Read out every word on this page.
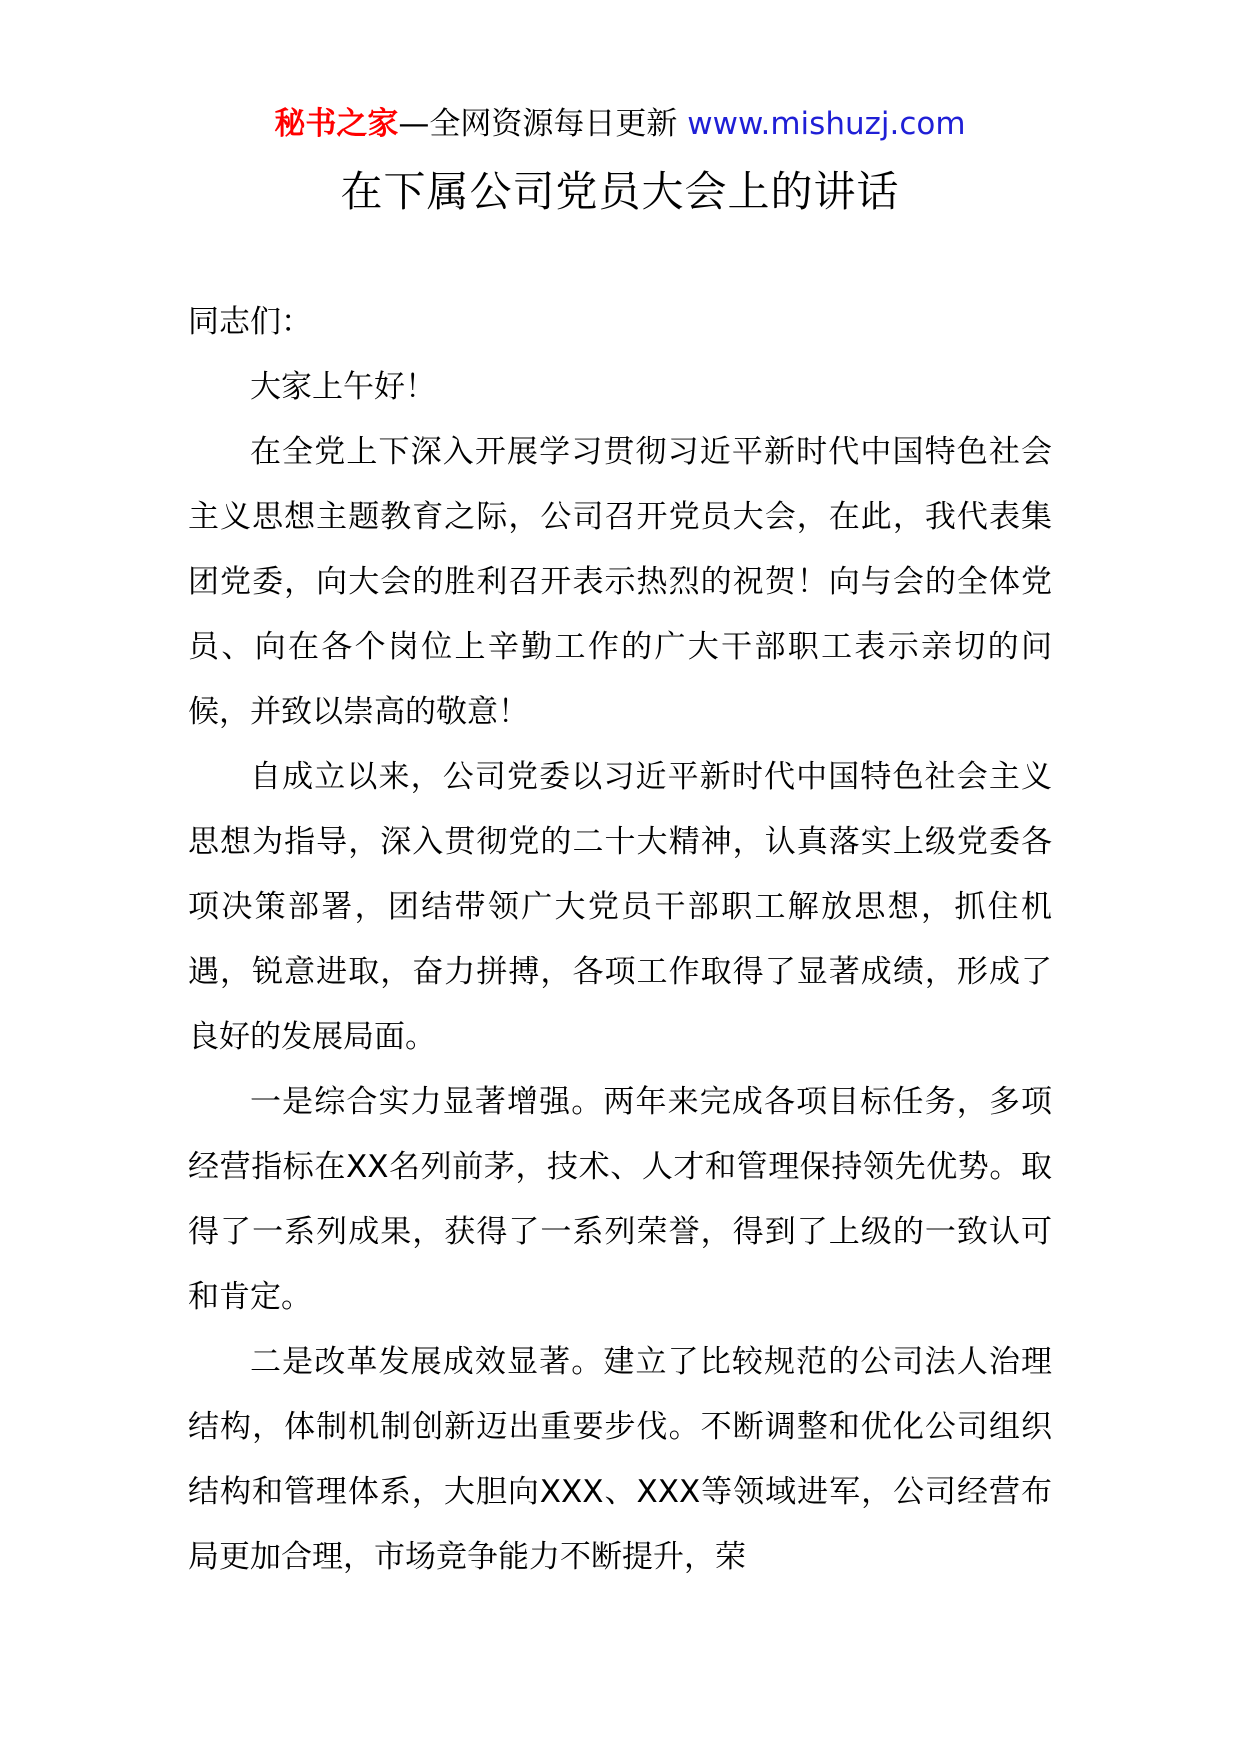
秘书之家—全网资源每日更新 www.mishuzj.com
在下属公司党员大会上的讲话

同志们：

大家上午好！

在全党上下深入开展学习贯彻习近平新时代中国特色社会主义思想主题教育之际，公司召开党员大会，在此，我代表集团党委，向大会的胜利召开表示热烈的祝贺！向与会的全体党员、向在各个岗位上辛勤工作的广大干部职工表示亲切的问候，并致以崇高的敬意！

自成立以来，公司党委以习近平新时代中国特色社会主义思想为指导，深入贯彻党的二十大精神，认真落实上级党委各项决策部署，团结带领广大党员干部职工解放思想，抓住机遇，锐意进取，奋力拼搏，各项工作取得了显著成绩，形成了良好的发展局面。

一是综合实力显著增强。两年来完成各项目标任务，多项经营指标在XX名列前茅，技术、人才和管理保持领先优势。取得了一系列成果，获得了一系列荣誉，得到了上级的一致认可和肯定。

二是改革发展成效显著。建立了比较规范的公司法人治理结构，体制机制创新迈出重要步伐。不断调整和优化公司组织结构和管理体系，大胆向XXX、XXX等领域进军，公司经营布局更加合理，市场竞争能力不断提升，荣
